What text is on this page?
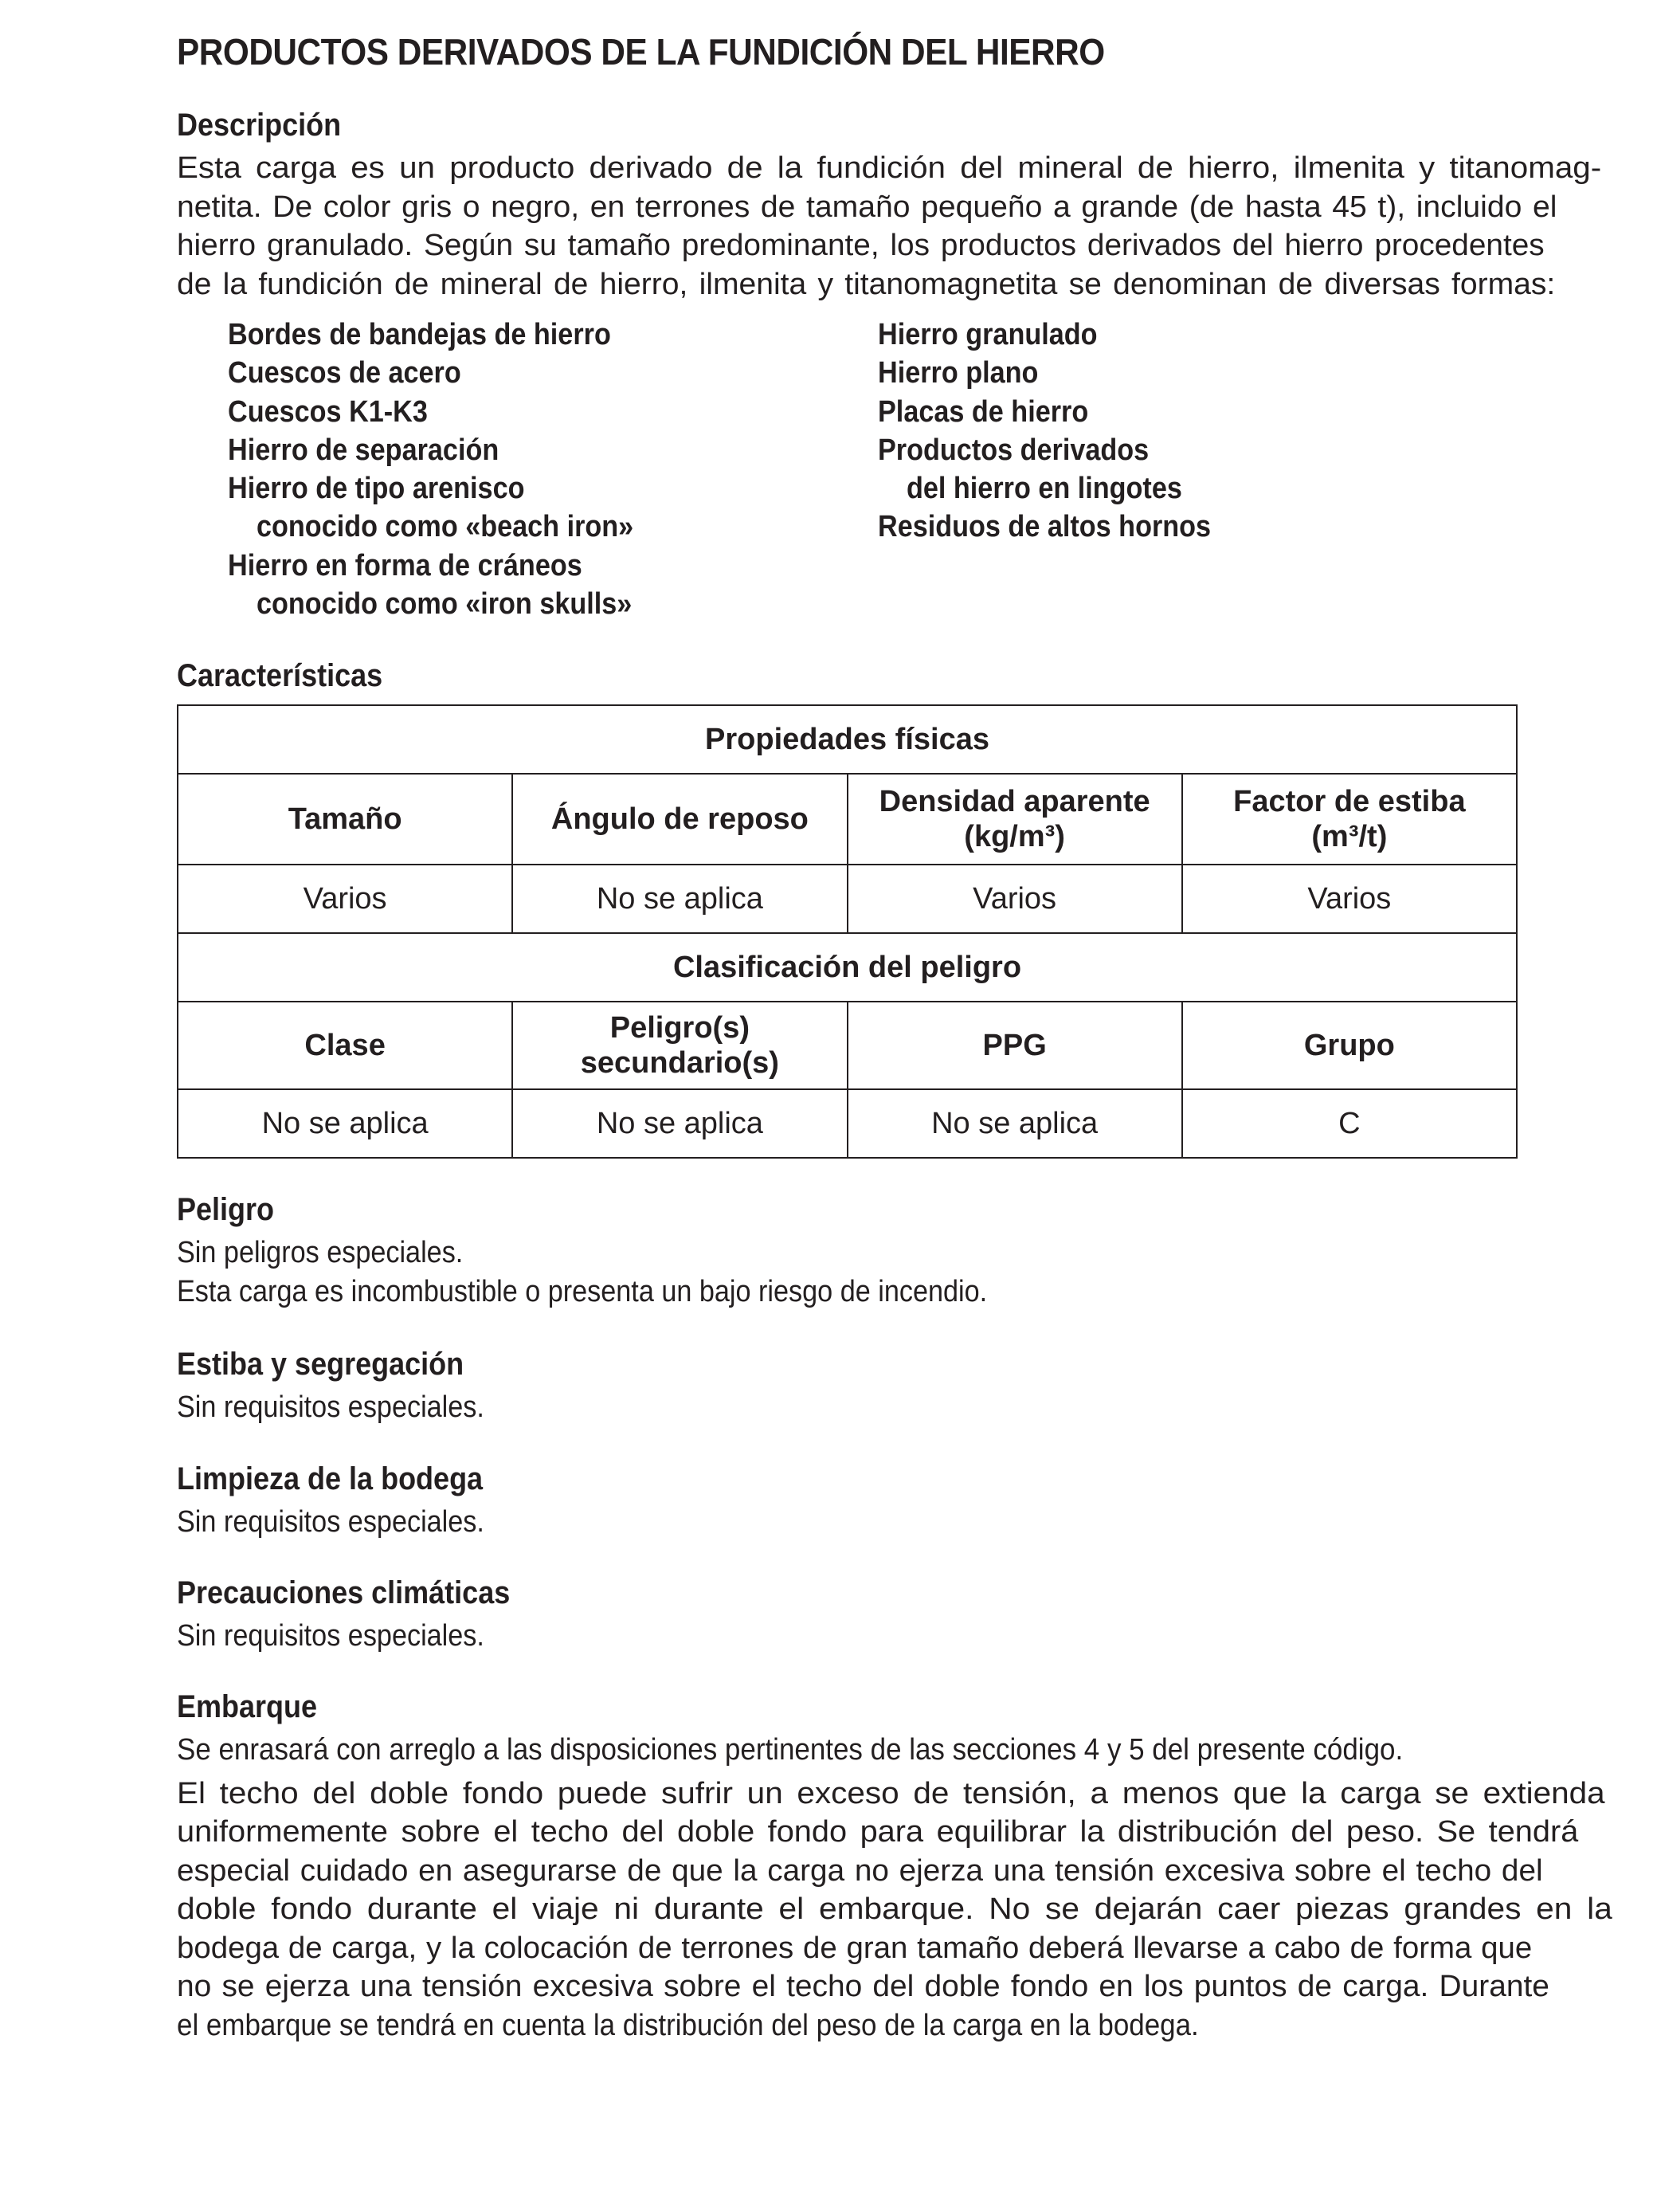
PRODUCTOS DERIVADOS DE LA FUNDICIÓN DEL HIERRO
Descripción
Esta carga es un producto derivado de la fundición del mineral de hierro, ilmenita y titanomag-
netita. De color gris o negro, en terrones de tamaño pequeño a grande (de hasta 45 t), incluido el
hierro granulado. Según su tamaño predominante, los productos derivados del hierro procedentes
de la fundición de mineral de hierro, ilmenita y titanomagnetita se denominan de diversas formas:
Bordes de bandejas de hierro
Cuescos de acero
Cuescos K1-K3
Hierro de separación
Hierro de tipo arenisco
conocido como «beach iron»
Hierro en forma de cráneos
conocido como «iron skulls»
Hierro granulado
Hierro plano
Placas de hierro
Productos derivados
del hierro en lingotes
Residuos de altos hornos
Características
Propiedades físicas			
Tamaño	Ángulo de reposo	Densidad aparente
(kg/m³)	Factor de estiba
(m³/t)
Varios	No se aplica	Varios	Varios
Clasificación del peligro			
Clase	Peligro(s)
secundario(s)	PPG	Grupo
No se aplica	No se aplica	No se aplica	C
Peligro
Sin peligros especiales.
Esta carga es incombustible o presenta un bajo riesgo de incendio.
Estiba y segregación
Sin requisitos especiales.
Limpieza de la bodega
Sin requisitos especiales.
Precauciones climáticas
Sin requisitos especiales.
Embarque
Se enrasará con arreglo a las disposiciones pertinentes de las secciones 4 y 5 del presente código.
El techo del doble fondo puede sufrir un exceso de tensión, a menos que la carga se extienda
uniformemente sobre el techo del doble fondo para equilibrar la distribución del peso. Se tendrá
especial cuidado en asegurarse de que la carga no ejerza una tensión excesiva sobre el techo del
doble fondo durante el viaje ni durante el embarque. No se dejarán caer piezas grandes en la
bodega de carga, y la colocación de terrones de gran tamaño deberá llevarse a cabo de forma que
no se ejerza una tensión excesiva sobre el techo del doble fondo en los puntos de carga. Durante
el embarque se tendrá en cuenta la distribución del peso de la carga en la bodega.
